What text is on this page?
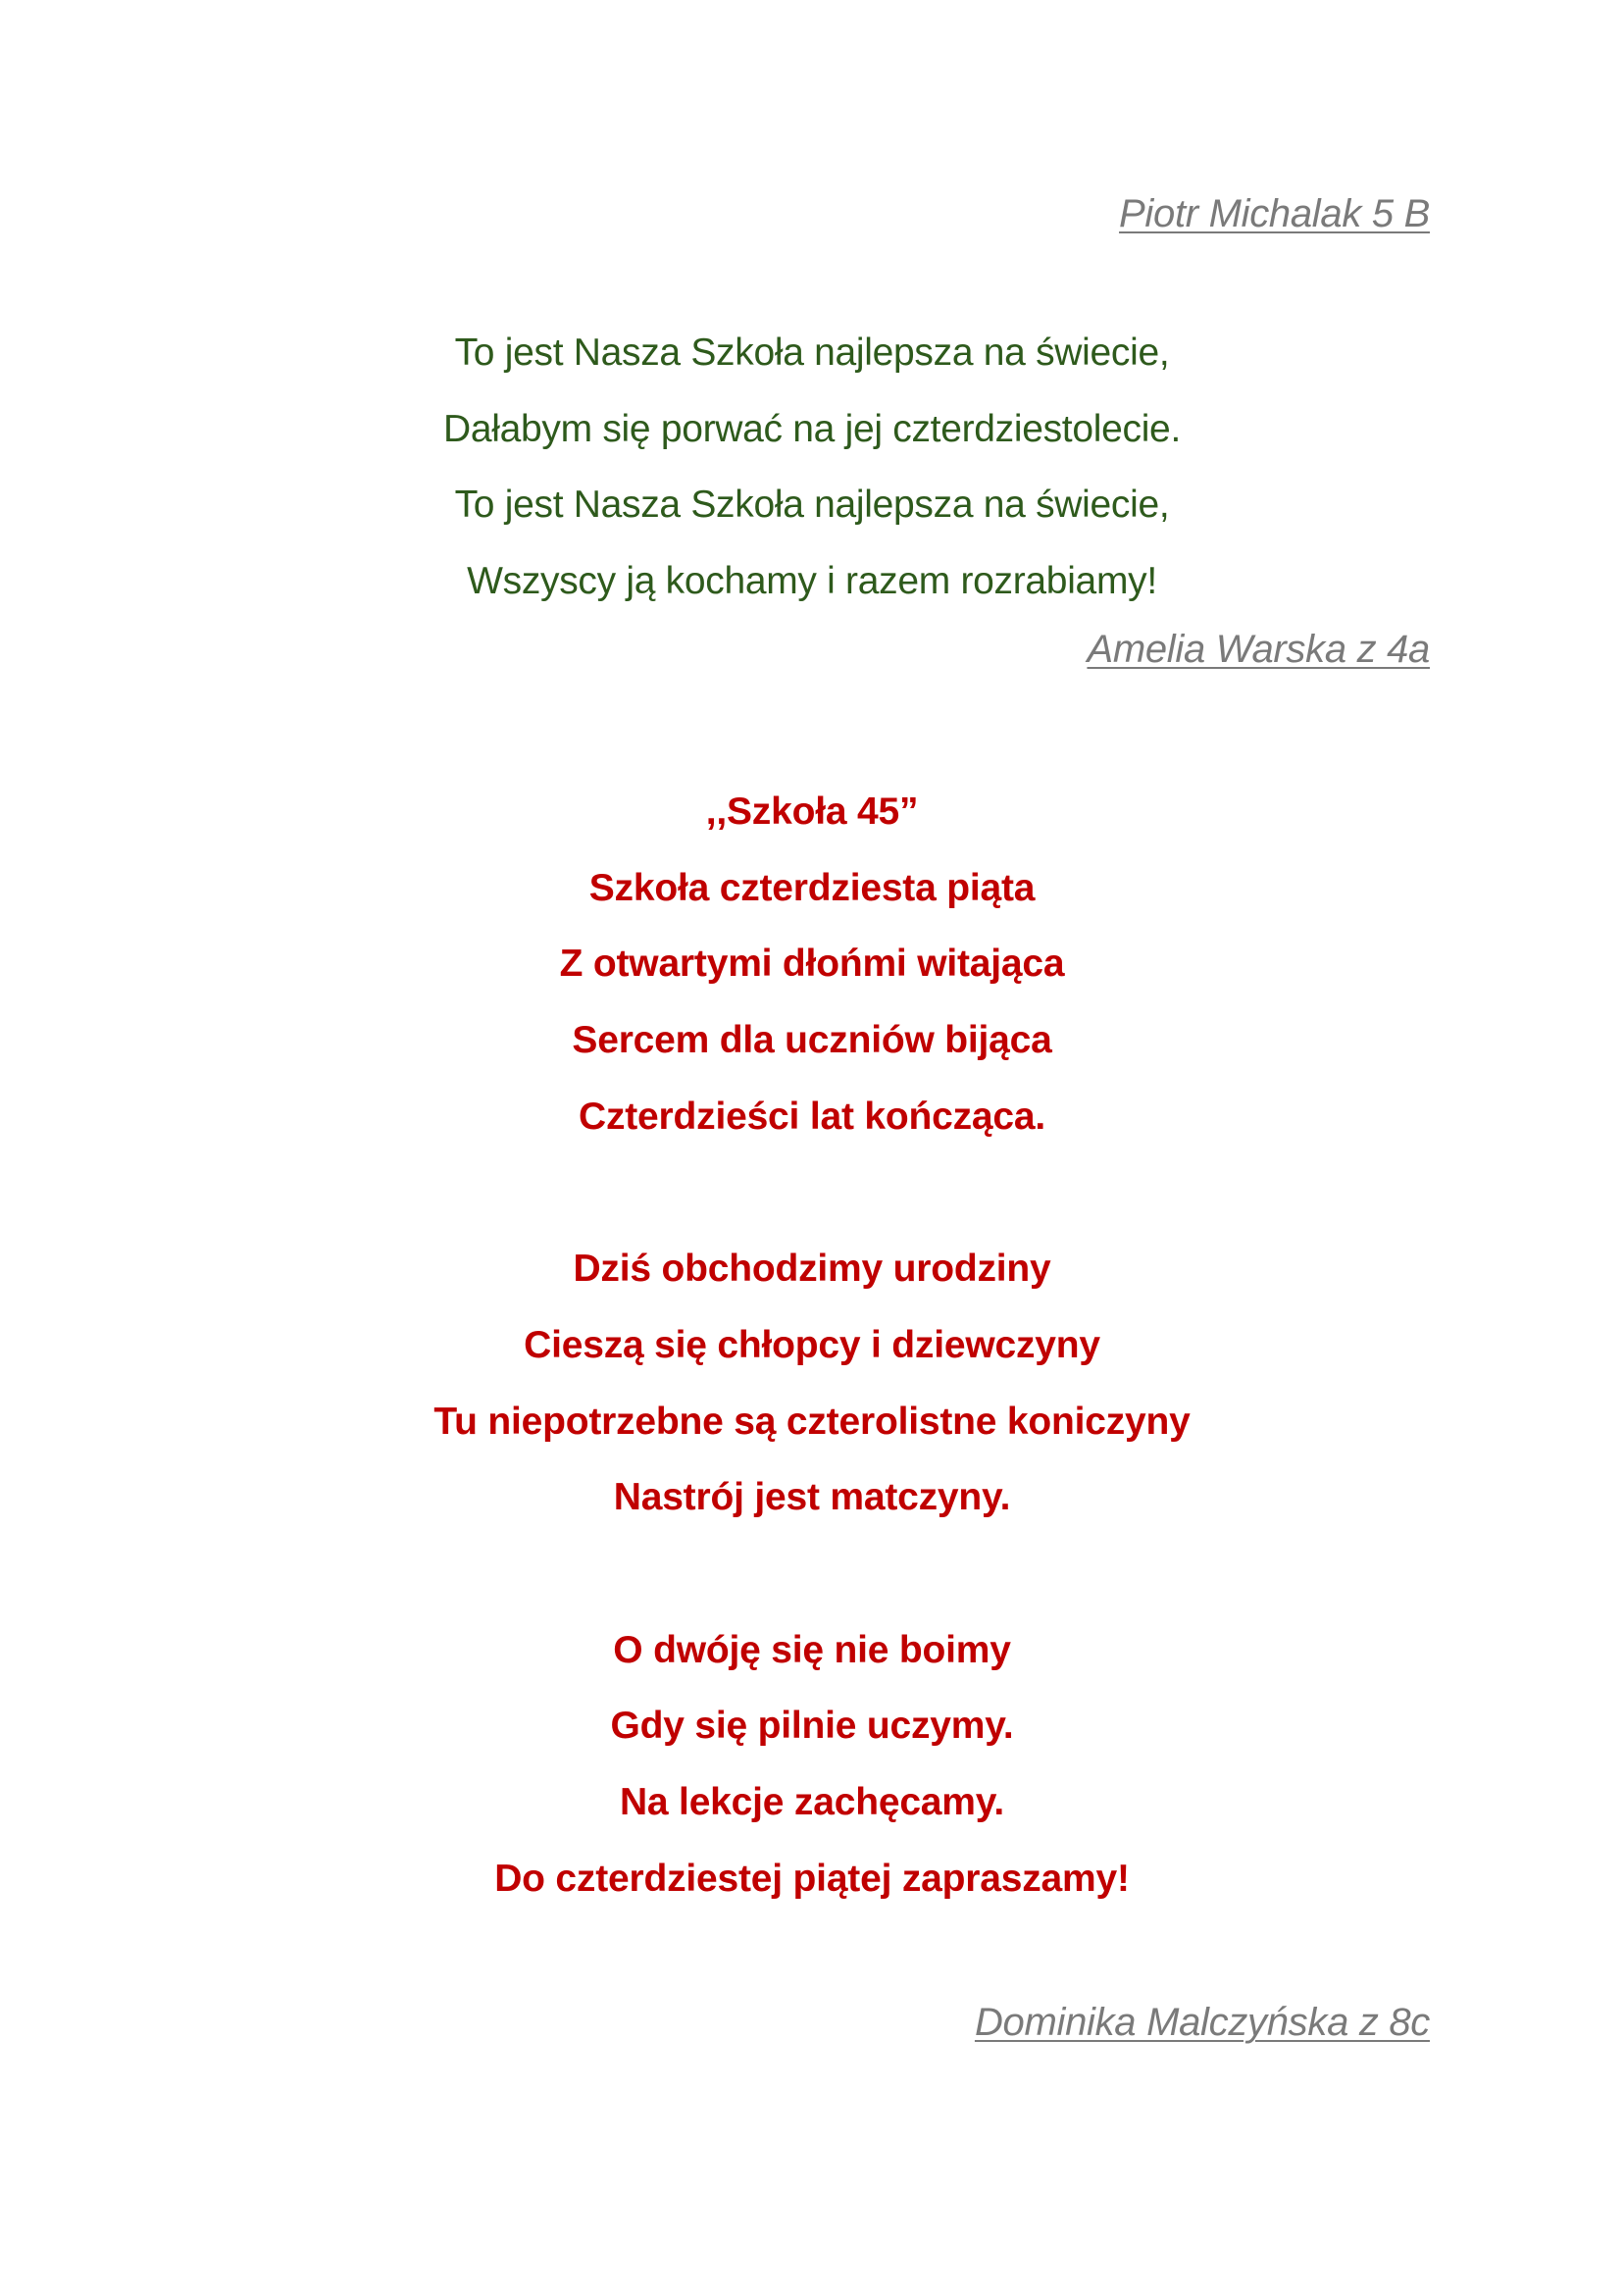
Piotr Michalak 5 B
To jest Nasza Szkoła najlepsza na świecie,
Dałabym się porwać na jej czterdziestolecie.
To jest Nasza Szkoła najlepsza na świecie,
Wszyscy ją kochamy i razem rozrabiamy!
Amelia Warska z 4a
,,Szkoła 45”
Szkoła czterdziesta piąta
Z otwartymi dłońmi witająca
Sercem dla uczniów bijąca
Czterdzieści lat kończąca.
Dziś obchodzimy urodziny
Cieszą się chłopcy i dziewczyny
Tu niepotrzebne są czterolistne koniczyny
Nastrój jest matczyny.
O dwóję się nie boimy
Gdy się pilnie uczymy.
Na lekcje zachęcamy.
Do czterdziestej piątej zapraszamy!
Dominika Malczyńska z 8c
